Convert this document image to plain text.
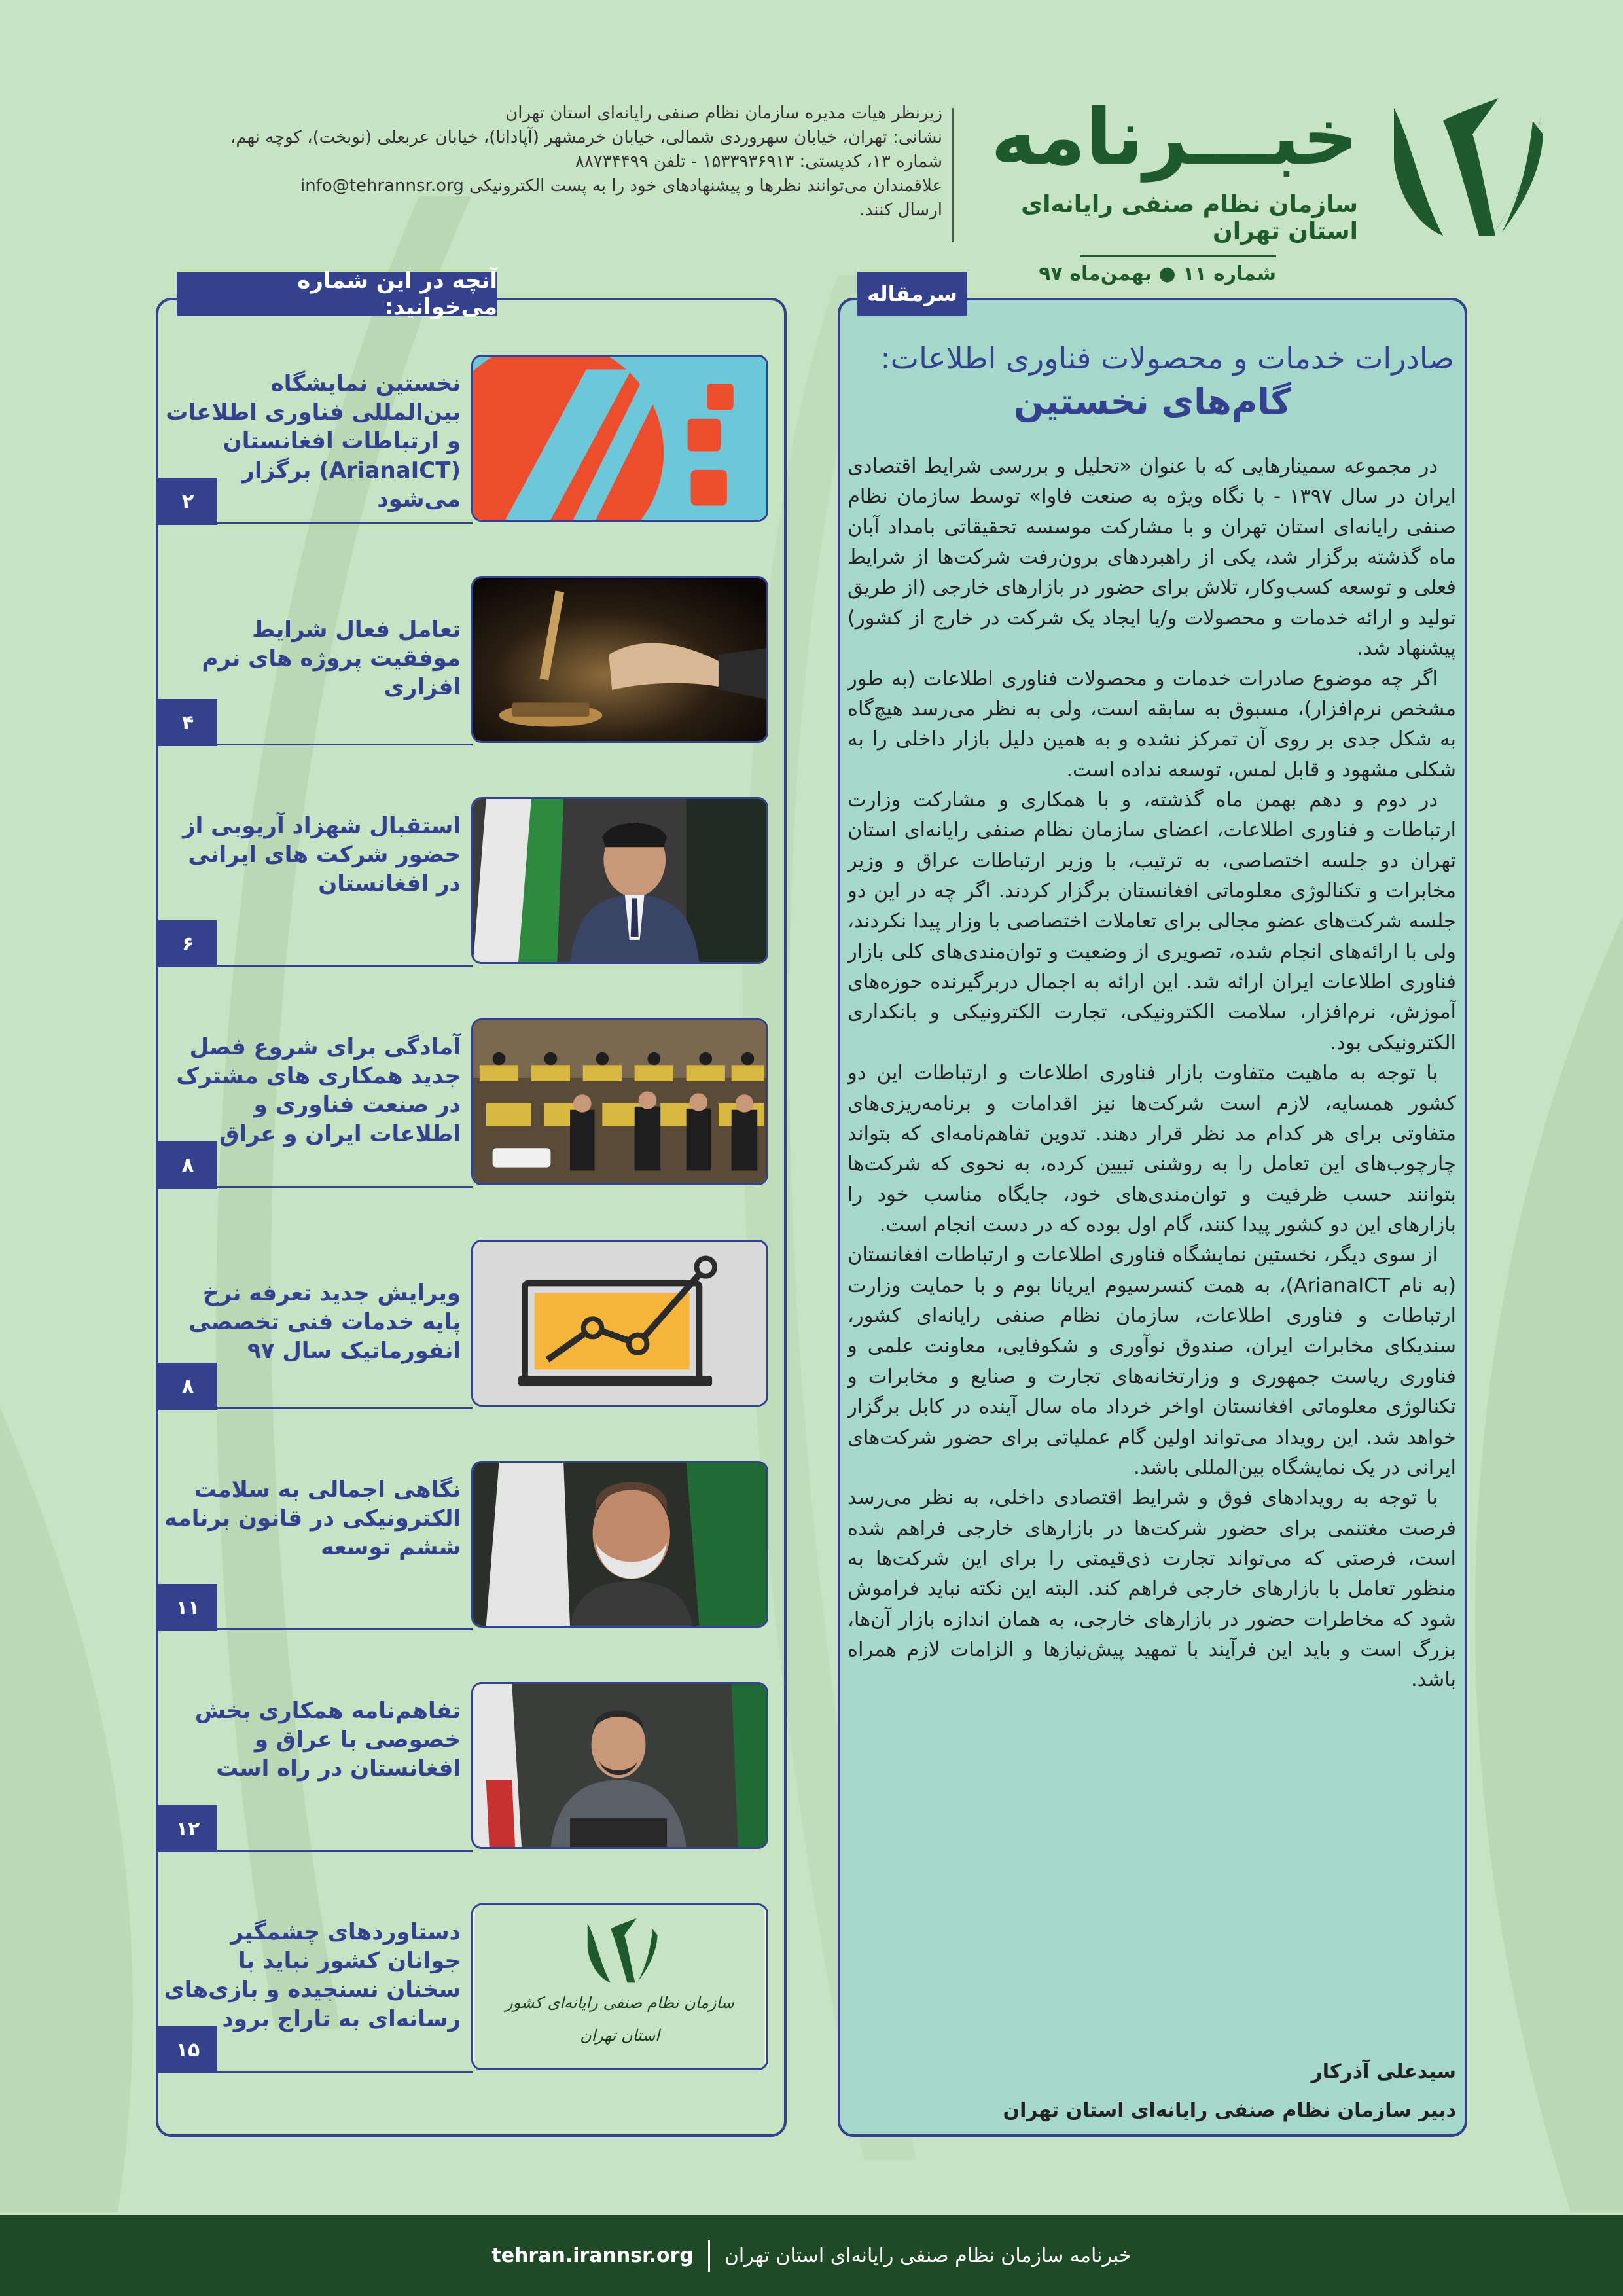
خبـــرنامه
سازمان نظام صنفی رایانه‌ای استان تهران
شماره ۱۱ ● بهمن‌ماه ۹۷
زیرنظر هیات مدیره سازمان نظام صنفی رایانه‌ای استان تهران
نشانی: تهران، خیابان سهروردی شمالی، خیابان خرمشهر (آپادانا)، خیابان عربعلی (نوبخت)، کوچه نهم،
شماره ۱۳، کدپستی: ۱۵۳۳۹۳۶۹۱۳ - تلفن ۸۸۷۳۴۴۹۹
علاقمندان می‌توانند نظرها و پیشنهادهای خود را به پست الکترونیکی info@tehrannsr.org
ارسال کنند.
سرمقاله
صادرات خدمات و محصولات فناوری اطلاعات:
گام‌های نخستین

در مجموعه سمینارهایی که با عنوان «تحلیل و بررسی شرایط اقتصادی ایران در سال ۱۳۹۷ - با نگاه ویژه به صنعت فاوا» توسط سازمان نظام صنفی رایانه‌ای استان تهران و با مشارکت موسسه تحقیقاتی بامداد آبان ماه گذشته برگزار شد، یکی از راهبردهای برون‌رفت شرکت‌ها از شرایط فعلی و توسعه کسب‌وکار، تلاش برای حضور در بازارهای خارجی (از طریق تولید و ارائه خدمات و محصولات و/یا ایجاد یک شرکت در خارج از کشور) پیشنهاد شد.

اگر چه موضوع صادرات خدمات و محصولات فناوری اطلاعات (به طور مشخص نرم‌افزار)، مسبوق به سابقه است، ولی به نظر می‌رسد هیچ‌گاه به شکل جدی بر روی آن تمرکز نشده و به همین دلیل بازار داخلی را به شکلی مشهود و قابل لمس، توسعه نداده است.

در دوم و دهم بهمن ماه گذشته، و با همکاری و مشارکت وزارت ارتباطات و فناوری اطلاعات، اعضای سازمان نظام صنفی رایانه‌ای استان تهران دو جلسه اختصاصی، به ترتیب، با وزیر ارتباطات عراق و وزیر مخابرات و تکنالوژی معلوماتی افغانستان برگزار کردند. اگر چه در این دو جلسه شرکت‌های عضو مجالی برای تعاملات اختصاصی با وزار پیدا نکردند، ولی با ارائه‌های انجام شده، تصویری از وضعیت و توان‌مندی‌های کلی بازار فناوری اطلاعات ایران ارائه شد. این ارائه به اجمال دربرگیرنده حوزه‌های آموزش، نرم‌افزار، سلامت الکترونیکی، تجارت الکترونیکی و بانکداری الکترونیکی بود.

با توجه به ماهیت متفاوت بازار فناوری اطلاعات و ارتباطات این دو کشور همسایه، لازم است شرکت‌ها نیز اقدامات و برنامه‌ریزی‌های متفاوتی برای هر کدام مد نظر قرار دهند. تدوین تفاهم‌نامه‌ای که بتواند چارچوب‌های این تعامل را به روشنی تبیین کرده، به نحوی که شرکت‌ها بتوانند حسب ظرفیت و توان‌مندی‌های خود، جایگاه مناسب خود را بازارهای این دو کشور پیدا کنند، گام اول بوده که در دست انجام است.

از سوی دیگر، نخستین نمایشگاه فناوری اطلاعات و ارتباطات افغانستان (به نام ArianaICT)، به همت کنسرسیوم ایریانا بوم و با حمایت وزارت ارتباطات و فناوری اطلاعات، سازمان نظام صنفی رایانه‌ای کشور، سندیکای مخابرات ایران، صندوق نوآوری و شکوفایی، معاونت علمی و فناوری ریاست جمهوری و وزارتخانه‌های تجارت و صنایع و مخابرات و تکنالوژی معلوماتی افغانستان اواخر خرداد ماه سال آینده در کابل برگزار خواهد شد. این رویداد می‌تواند اولین گام عملیاتی برای حضور شرکت‌های ایرانی در یک نمایشگاه بین‌المللی باشد.

با توجه به رویدادهای فوق و شرایط اقتصادی داخلی، به نظر می‌رسد فرصت مغتنمی برای حضور شرکت‌ها در بازارهای خارجی فراهم شده است، فرصتی که می‌تواند تجارت ذی‌قیمتی را برای این شرکت‌ها به منظور تعامل با بازارهای خارجی فراهم کند. البته این نکته نباید فراموش شود که مخاطرات حضور در بازارهای خارجی، به همان اندازه بازار آن‌ها، بزرگ است و باید این فرآیند با تمهید پیش‌نیازها و الزامات لازم همراه باشد.

سیدعلی آذرکار
دبیر سازمان نظام صنفی رایانه‌ای استان تهران
آنچه در این شماره می‌خوانید:
نخستین نمایشگاه بین‌المللی فناوری اطلاعات و ارتباطات افغانستان (ArianaICT) برگزار می‌شود
۲
تعامل فعال شرایط موفقیت پروژه های نرم افزاری
۴
استقبال شهزاد آریوبی از حضور شرکت های ایرانی در افغانستان
۶
آمادگی برای شروع فصل جدید همکاری های مشترک در صنعت فناوری و اطلاعات ایران و عراق
۸
ویرایش جدید تعرفه نرخ پایه خدمات فنی تخصصی انفورماتیک سال ۹۷
۸
نگاهی اجمالی به سلامت الکترونیکی در قانون برنامه ششم توسعه
۱۱
تفاهم‌نامه همکاری بخش خصوصی با عراق و افغانستان در راه است
۱۲
سازمان نظام صنفی رایانه‌ای کشور
استان تهران
دستاوردهای چشمگیر جوانان کشور نباید با سخنان نسنجیده و بازی‌های رسانه‌ای به تاراج برود
۱۵
خبرنامه سازمان نظام صنفی رایانه‌ای استان تهران
tehran.irannsr.org
